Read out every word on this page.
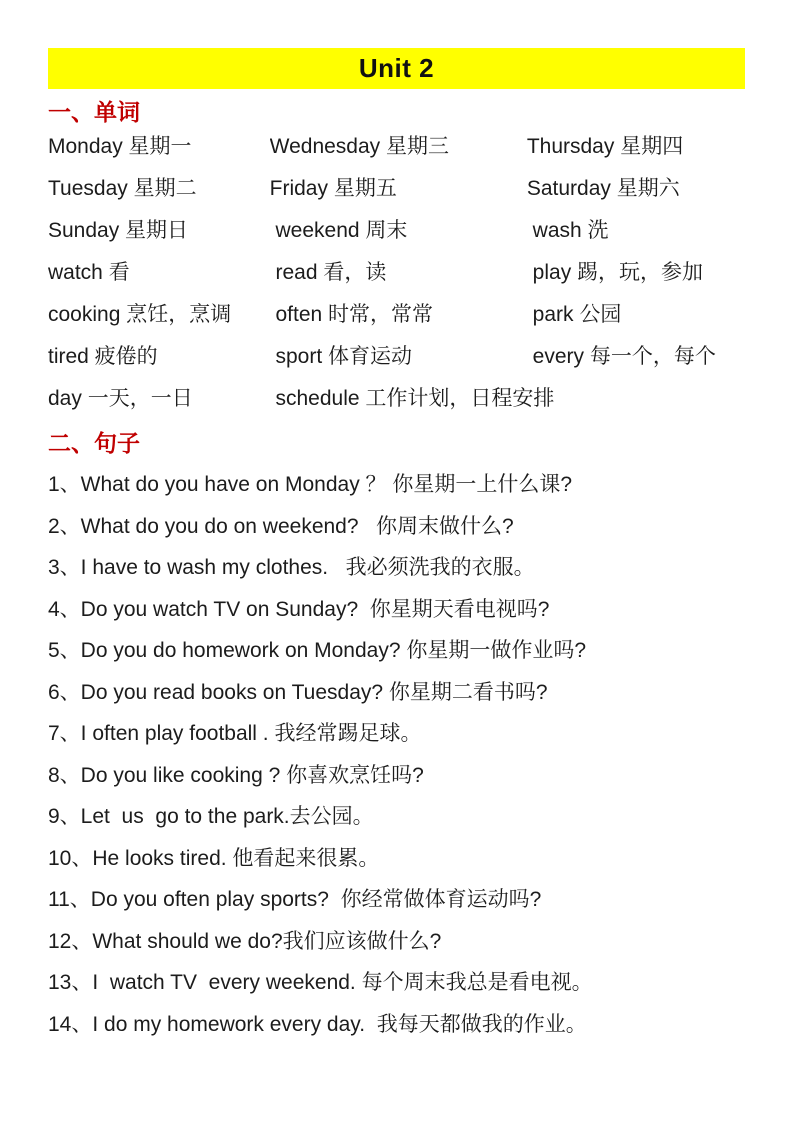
Unit 2
一、单词
Monday 星期一	Wednesday 星期三	Thursday 星期四
Tuesday 星期二	Friday 星期五	Saturday 星期六
Sunday 星期日	weekend 周末	wash 洗
watch 看	read 看，读	play 踢，玩，参加
cooking 烹饪，烹调	often 时常，常常	park 公园
tired 疲倦的	sport 体育运动	every 每一个，每个
day 一天，一日	schedule 工作计划，日程安排
二、句子
1、What do you have on Monday ？ 你星期一上什么课?
2、What do you do on weekend?   你周末做什么?
3、I have to wash my clothes.   我必须洗我的衣服。
4、Do you watch TV on Sunday?  你星期天看电视吗?
5、Do you do homework on Monday? 你星期一做作业吗?
6、Do you read books on Tuesday? 你星期二看书吗?
7、I often play football . 我经常踢足球。
8、Do you like cooking ? 你喜欢烹饪吗?
9、Let  us  go to the park.去公园。
10、He looks tired. 他看起来很累。
11、Do you often play sports?  你经常做体育运动吗?
12、What should we do?我们应该做什么?
13、I  watch TV  every weekend. 每个周末我总是看电视。
14、I do my homework every day.  我每天都做我的作业。
